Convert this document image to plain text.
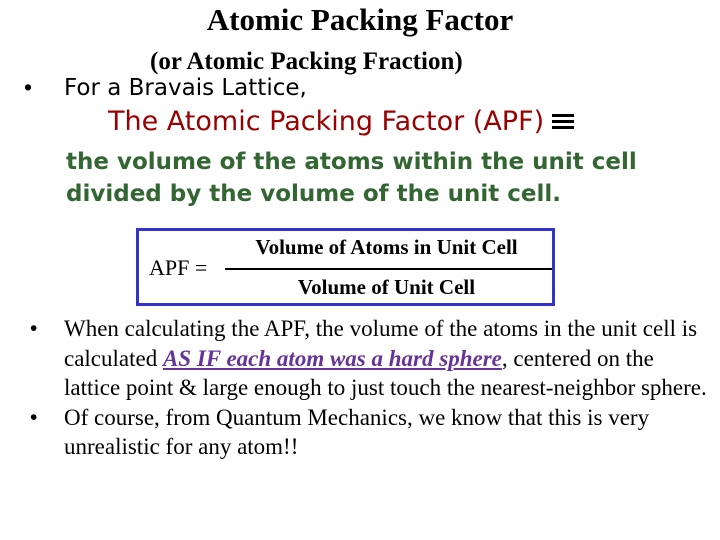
Atomic Packing Factor
(or Atomic Packing Fraction)
• For a Bravais Lattice,
The Atomic Packing Factor (APF)
the volume of the atoms within the unit cell divided by the volume of the unit cell.
APF =
Volume of Atoms in Unit Cell
Volume of Unit Cell
• When calculating the APF, the volume of the atoms in the unit cell is calculated AS IF each atom was a hard sphere, centered on the lattice point & large enough to just touch the nearest-neighbor sphere.
• Of course, from Quantum Mechanics, we know that this is very unrealistic for any atom!!
